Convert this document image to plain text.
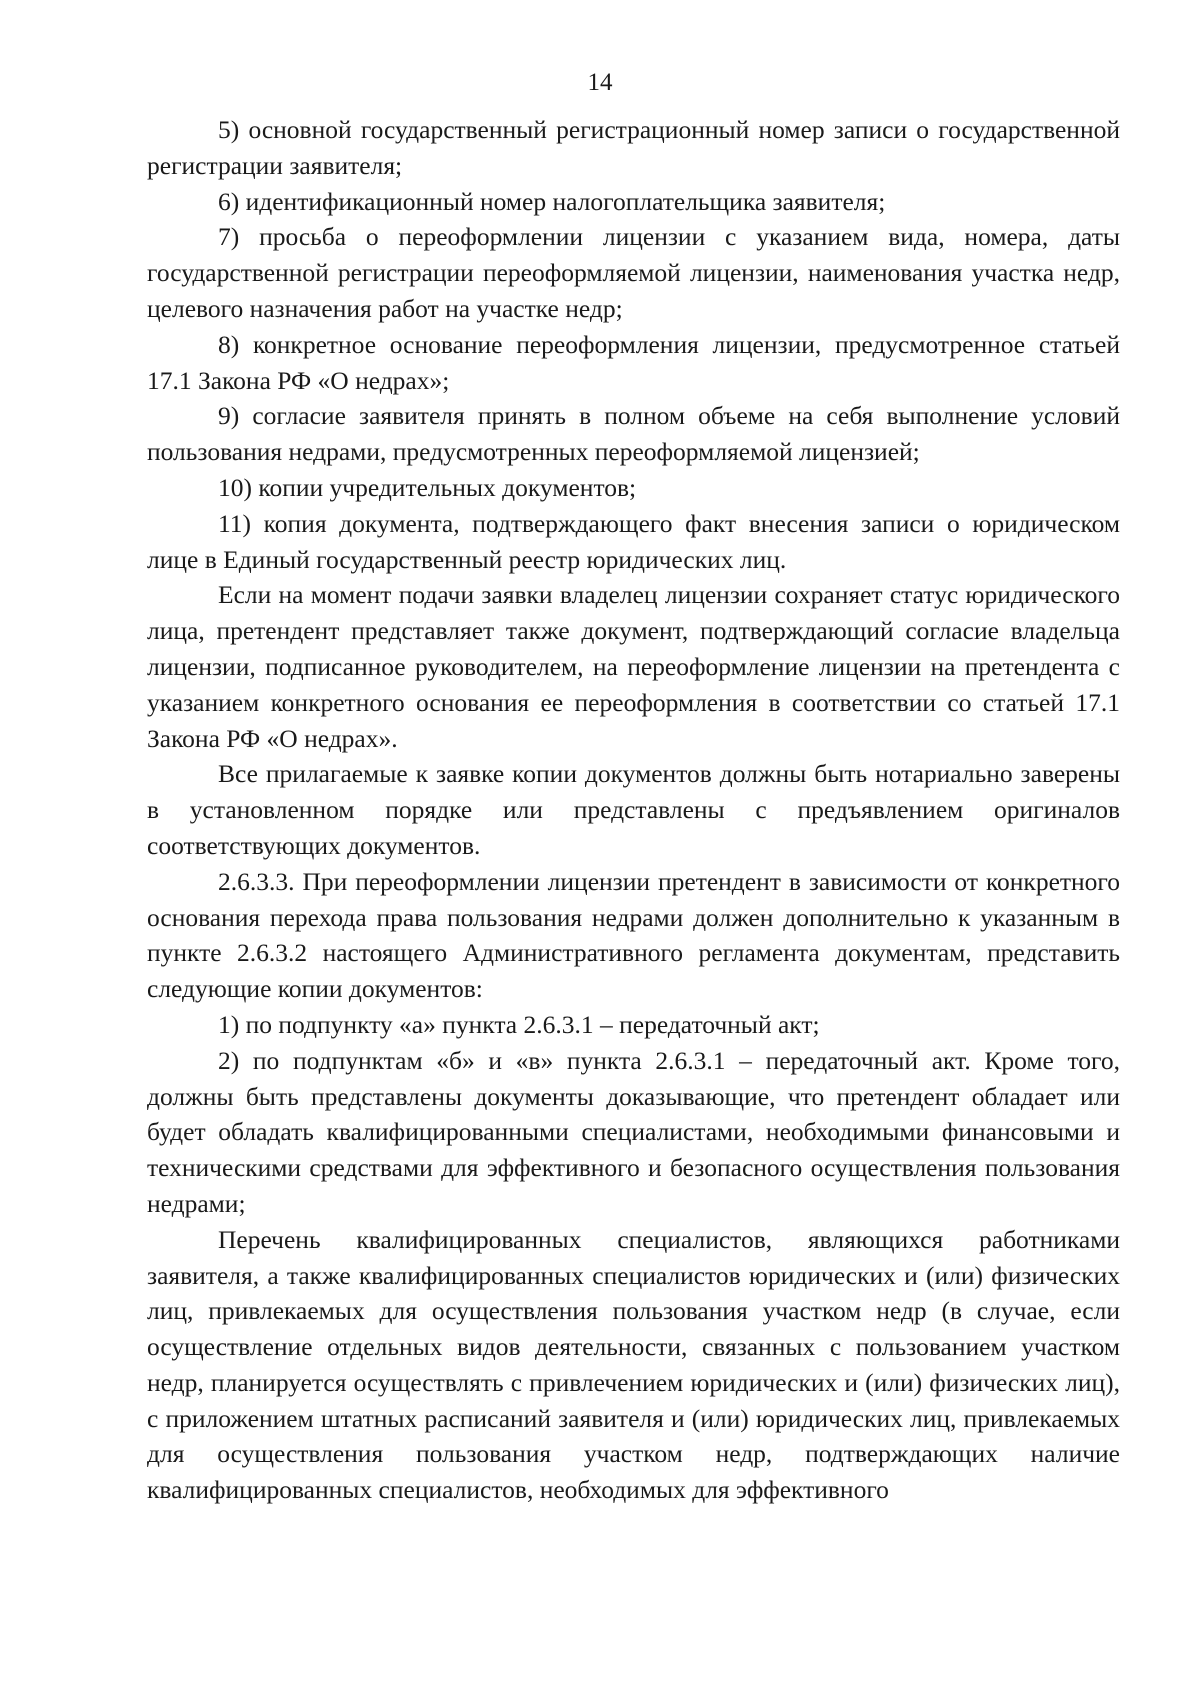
14

5) основной государственный регистрационный номер записи о государственной регистрации заявителя;

6) идентификационный номер налогоплательщика заявителя;

7) просьба о переоформлении лицензии с указанием вида, номера, даты государственной регистрации переоформляемой лицензии, наименования участка недр, целевого назначения работ на участке недр;

8) конкретное основание переоформления лицензии, предусмотренное статьей 17.1 Закона РФ «О недрах»;

9) согласие заявителя принять в полном объеме на себя выполнение условий пользования недрами, предусмотренных переоформляемой лицензией;

10) копии учредительных документов;

11) копия документа, подтверждающего факт внесения записи о юридическом лице в Единый государственный реестр юридических лиц.

Если на момент подачи заявки владелец лицензии сохраняет статус юридического лица, претендент представляет также документ, подтверждающий согласие владельца лицензии, подписанное руководителем, на переоформление лицензии на претендента с указанием конкретного основания ее переоформления в соответствии со статьей 17.1 Закона РФ «О недрах».

Все прилагаемые к заявке копии документов должны быть нотариально заверены в установленном порядке или представлены с предъявлением оригиналов соответствующих документов.

2.6.3.3. При переоформлении лицензии претендент в зависимости от конкретного основания перехода права пользования недрами должен дополнительно к указанным в пункте 2.6.3.2 настоящего Административного регламента документам, представить следующие копии документов:

1) по подпункту «а» пункта 2.6.3.1 – передаточный акт;

2) по подпунктам «б» и «в» пункта 2.6.3.1 – передаточный акт. Кроме того, должны быть представлены документы доказывающие, что претендент обладает или будет обладать квалифицированными специалистами, необходимыми финансовыми и техническими средствами для эффективного и безопасного осуществления пользования недрами;

Перечень квалифицированных специалистов, являющихся работниками заявителя, а также квалифицированных специалистов юридических и (или) физических лиц, привлекаемых для осуществления пользования участком недр (в случае, если осуществление отдельных видов деятельности, связанных с пользованием участком недр, планируется осуществлять с привлечением юридических и (или) физических лиц), с приложением штатных расписаний заявителя и (или) юридических лиц, привлекаемых для осуществления пользования участком недр, подтверждающих наличие квалифицированных специалистов, необходимых для эффективного
